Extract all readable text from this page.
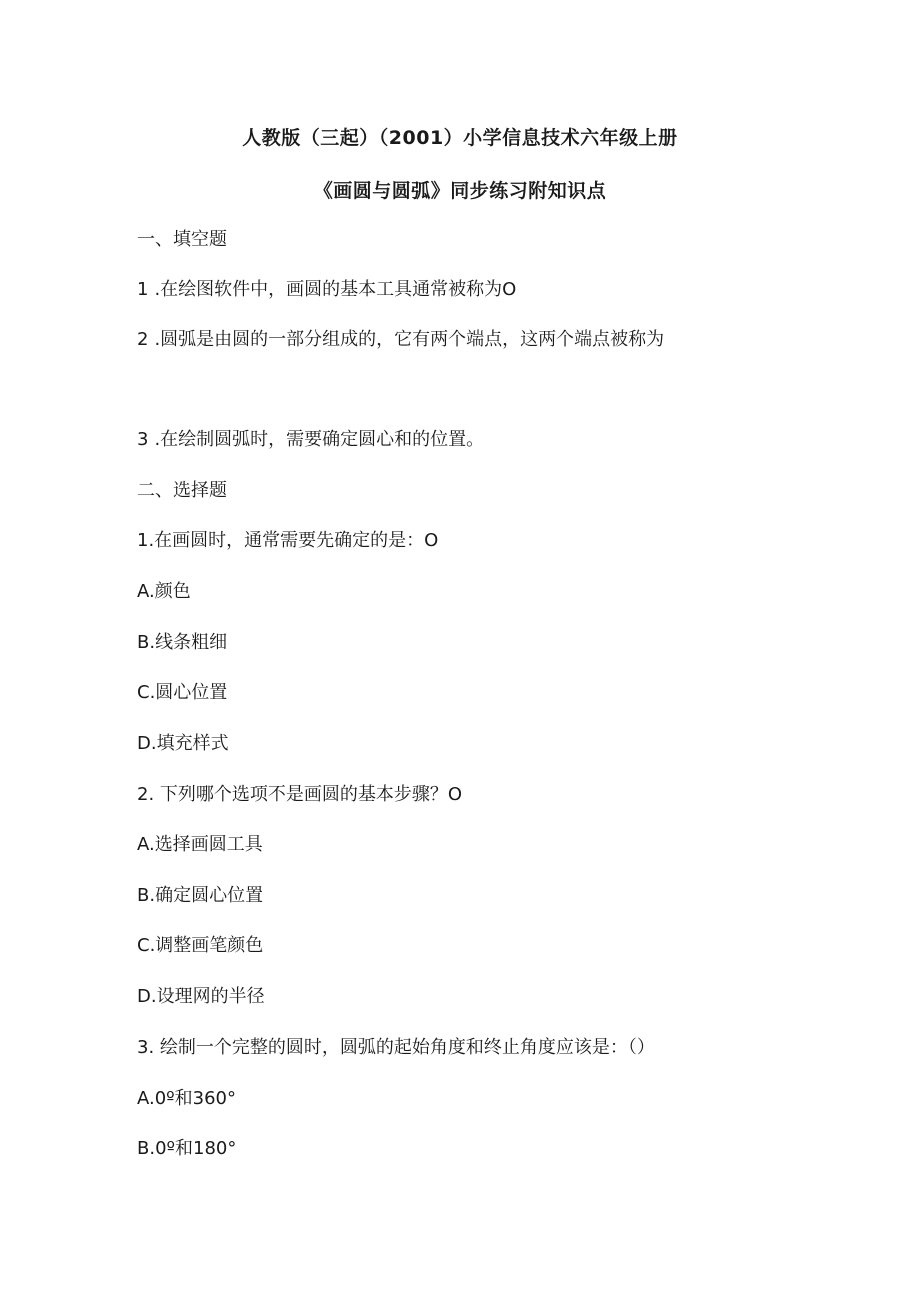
人教版（三起）（2001）小学信息技术六年级上册
《画圆与圆弧》同步练习附知识点
一、填空题
1 .在绘图软件中，画圆的基本工具通常被称为O
2 .圆弧是由圆的一部分组成的，它有两个端点，这两个端点被称为
3 .在绘制圆弧时，需要确定圆心和的位置。
二、选择题
1.在画圆时，通常需要先确定的是：O
A.颜色
B.线条粗细
C.圆心位置
D.填充样式
2. 下列哪个选项不是画圆的基本步骤？O
A.选择画圆工具
B.确定圆心位置
C.调整画笔颜色
D.设理网的半径
3. 绘制一个完整的圆时，圆弧的起始角度和终止角度应该是：（）
A.0º和360°
B.0º和180°
